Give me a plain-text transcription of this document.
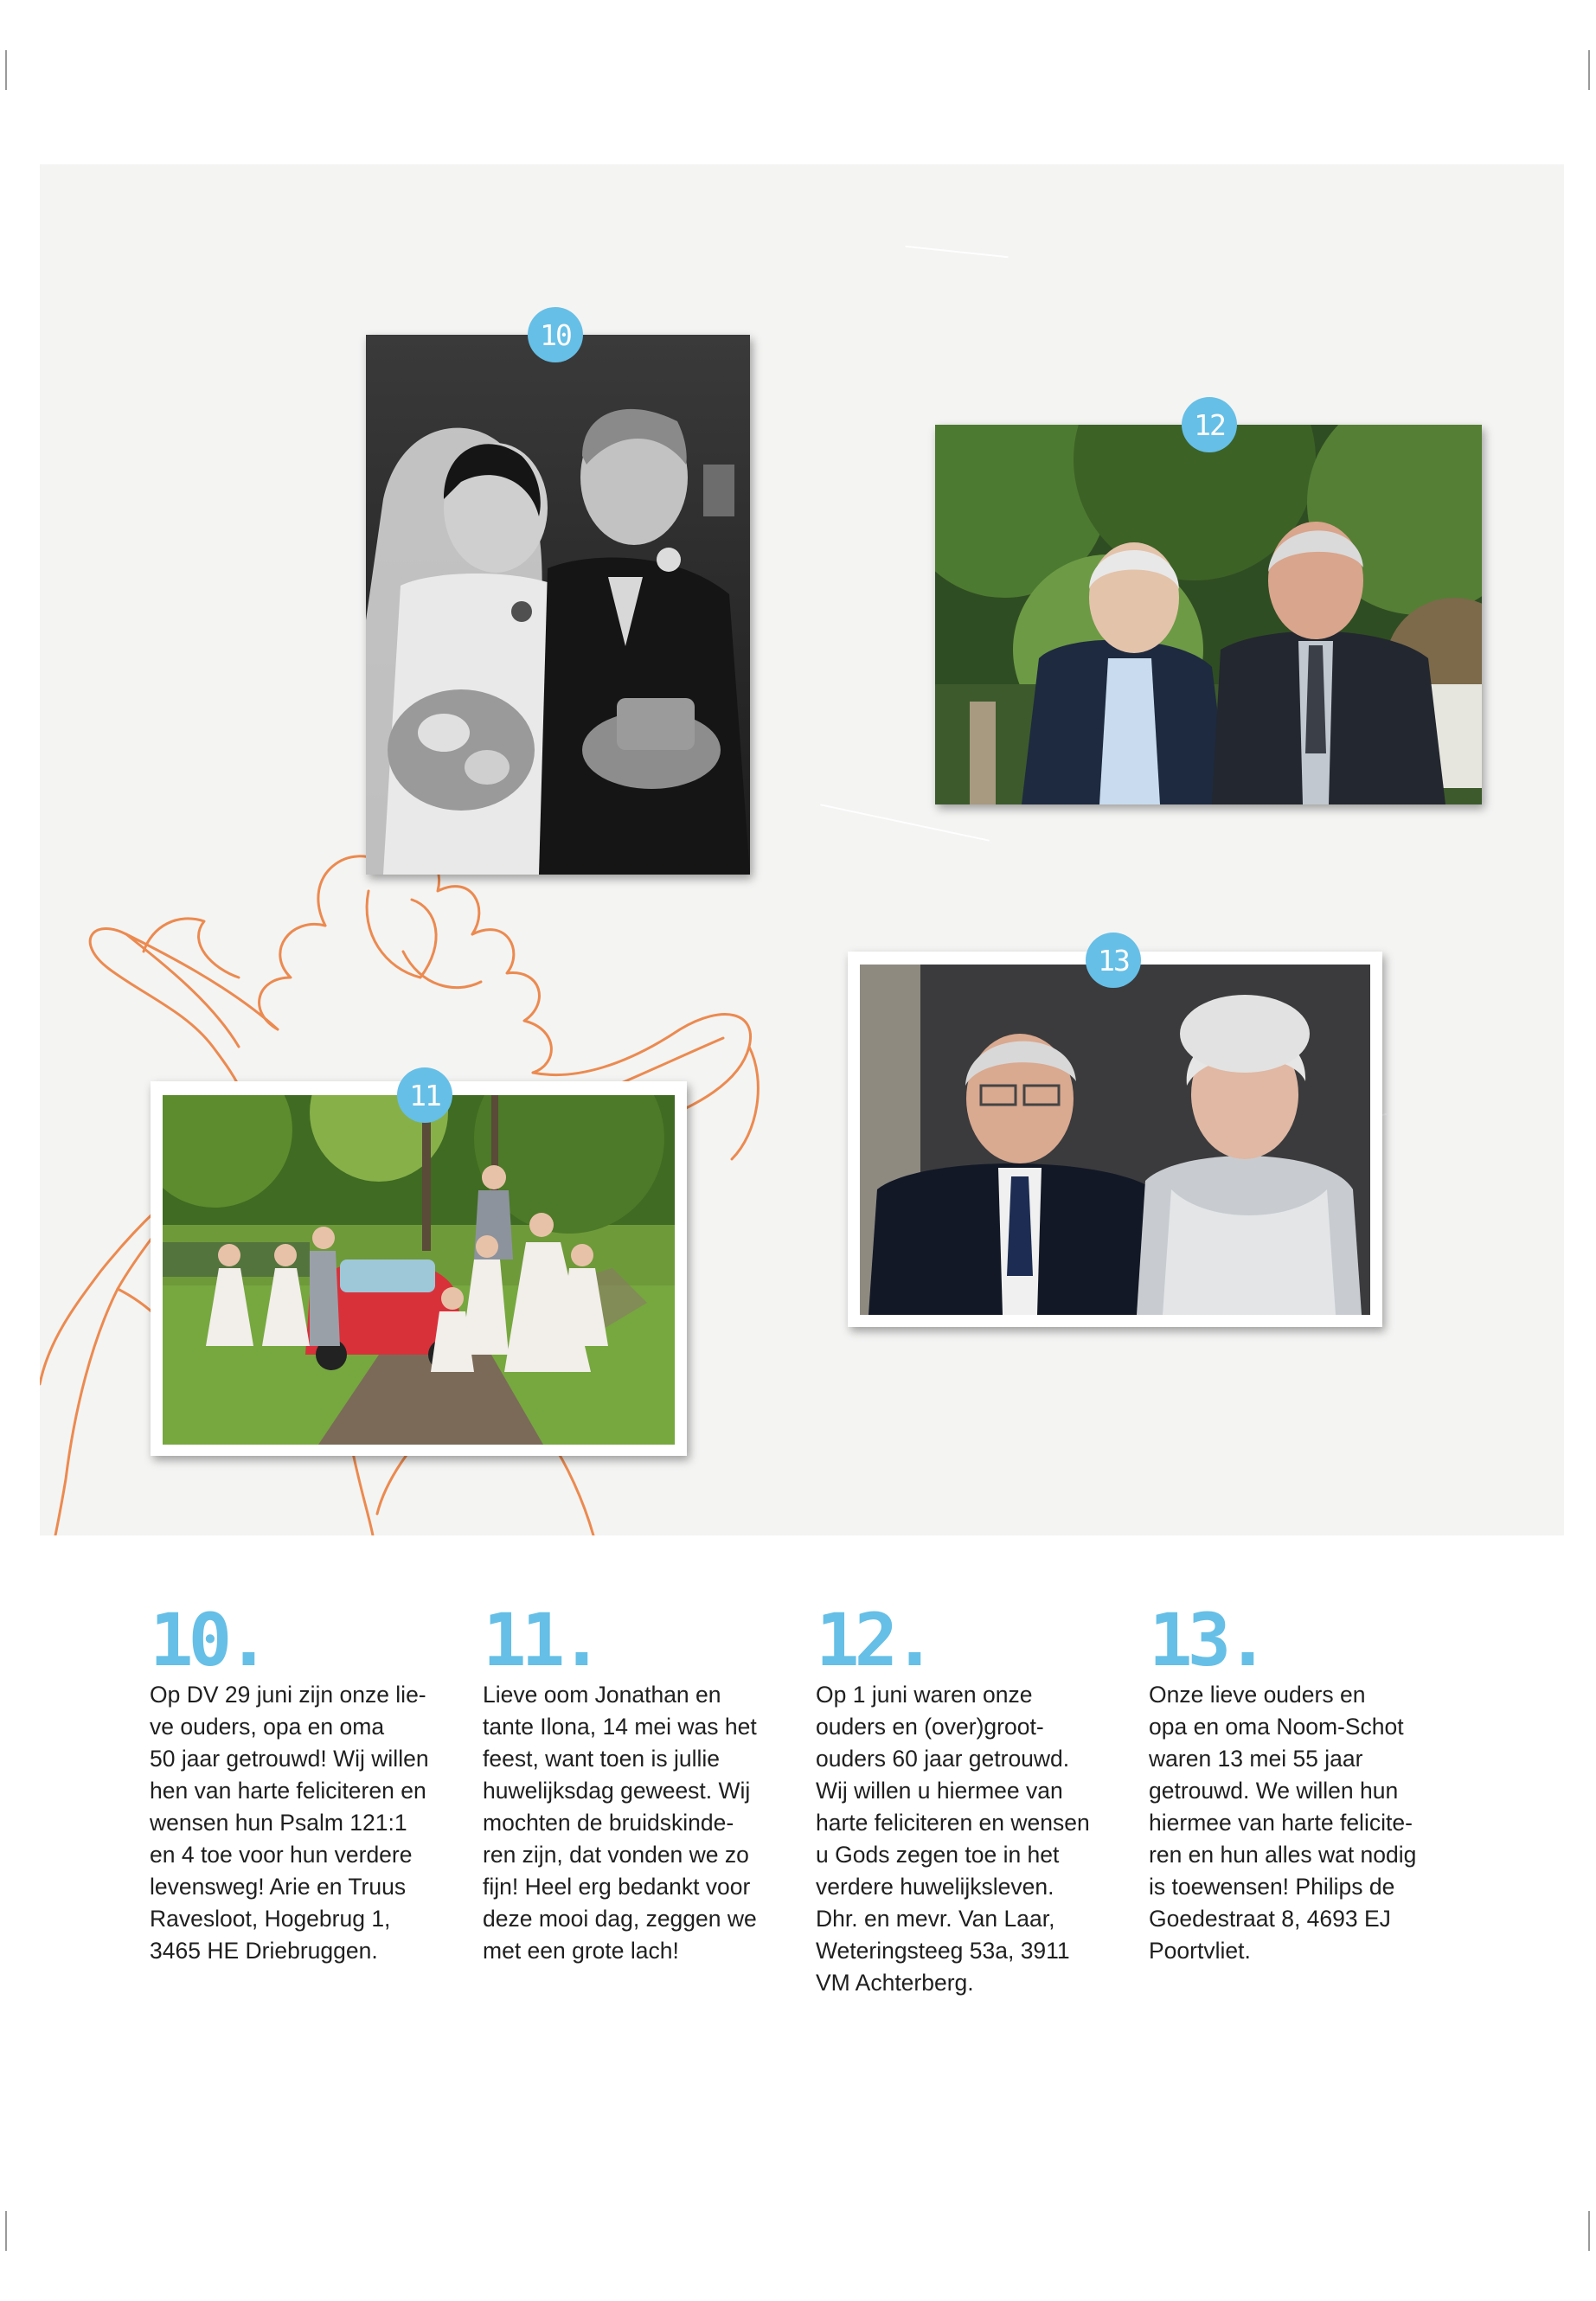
10
12
13
11
10.
Op DV 29 juni zijn onze lie-
ve ouders, opa en oma
50 jaar getrouwd! Wij willen
hen van harte feliciteren en
wensen hun Psalm 121:1
en 4 toe voor hun verdere
levensweg! Arie en Truus
Ravesloot, Hogebrug 1,
3465 HE Driebruggen.
11.
Lieve oom Jonathan en
tante Ilona, 14 mei was het
feest, want toen is jullie
huwelijksdag geweest. Wij
mochten de bruidskinde-
ren zijn, dat vonden we zo
fijn! Heel erg bedankt voor
deze mooi dag, zeggen we
met een grote lach!
12.
Op 1 juni waren onze
ouders en (over)groot-
ouders 60 jaar getrouwd.
Wij willen u hiermee van
harte feliciteren en wensen
u Gods zegen toe in het
verdere huwelijksleven.
Dhr. en mevr. Van Laar,
Weteringsteeg 53a, 3911
VM Achterberg.
13.
Onze lieve ouders en
opa en oma Noom-Schot
waren 13 mei 55 jaar
getrouwd. We willen hun
hiermee van harte felicite-
ren en hun alles wat nodig
is toewensen! Philips de
Goedestraat 8, 4693 EJ
Poortvliet.
